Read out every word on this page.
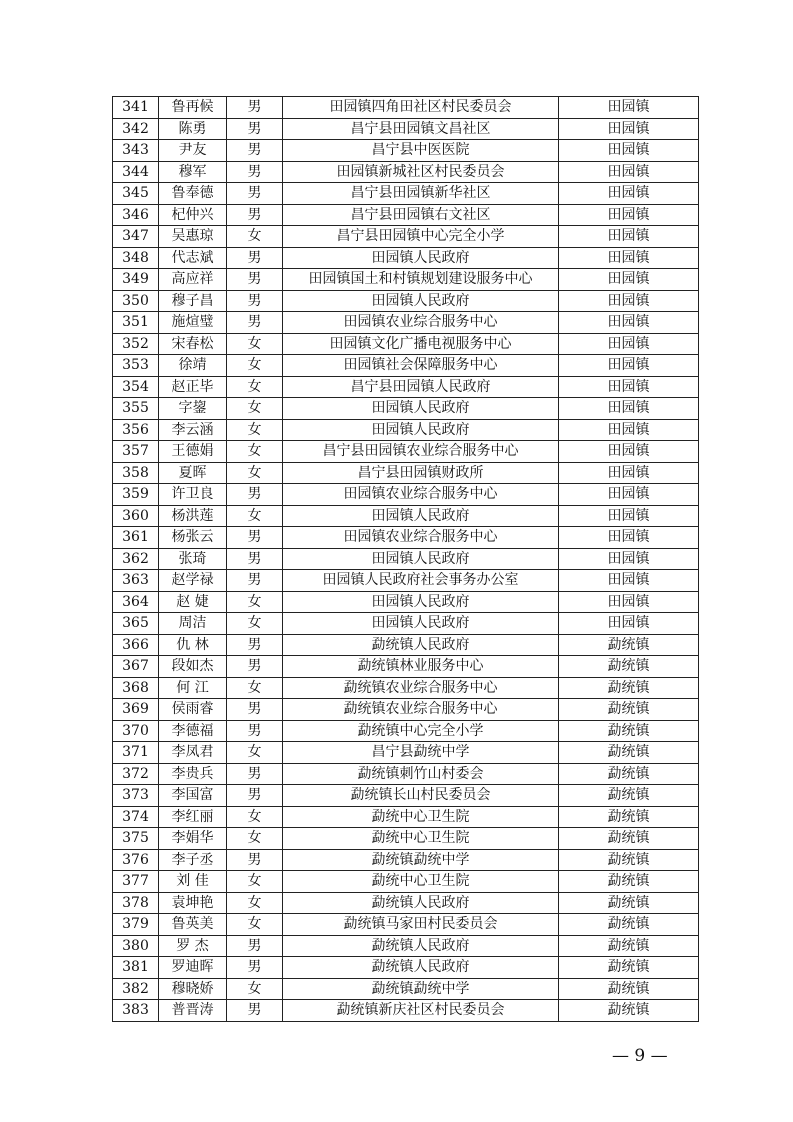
341	鲁再候	男	田园镇四角田社区村民委员会	田园镇
342	陈勇	男	昌宁县田园镇文昌社区	田园镇
343	尹友	男	昌宁县中医医院	田园镇
344	穆军	男	田园镇新城社区村民委员会	田园镇
345	鲁奉德	男	昌宁县田园镇新华社区	田园镇
346	杞仲兴	男	昌宁县田园镇右文社区	田园镇
347	吴惠琼	女	昌宁县田园镇中心完全小学	田园镇
348	代志斌	男	田园镇人民政府	田园镇
349	高应祥	男	田园镇国土和村镇规划建设服务中心	田园镇
350	穆子昌	男	田园镇人民政府	田园镇
351	施煊璧	男	田园镇农业综合服务中心	田园镇
352	宋春松	女	田园镇文化广播电视服务中心	田园镇
353	徐靖	女	田园镇社会保障服务中心	田园镇
354	赵正毕	女	昌宁县田园镇人民政府	田园镇
355	字鋆	女	田园镇人民政府	田园镇
356	李云涵	女	田园镇人民政府	田园镇
357	王德娟	女	昌宁县田园镇农业综合服务中心	田园镇
358	夏晖	女	昌宁县田园镇财政所	田园镇
359	许卫良	男	田园镇农业综合服务中心	田园镇
360	杨洪莲	女	田园镇人民政府	田园镇
361	杨张云	男	田园镇农业综合服务中心	田园镇
362	张琦	男	田园镇人民政府	田园镇
363	赵学禄	男	田园镇人民政府社会事务办公室	田园镇
364	赵 婕	女	田园镇人民政府	田园镇
365	周洁	女	田园镇人民政府	田园镇
366	仇 林	男	勐统镇人民政府	勐统镇
367	段如杰	男	勐统镇林业服务中心	勐统镇
368	何 江	女	勐统镇农业综合服务中心	勐统镇
369	侯雨睿	男	勐统镇农业综合服务中心	勐统镇
370	李德福	男	勐统镇中心完全小学	勐统镇
371	李凤君	女	昌宁县勐统中学	勐统镇
372	李贵兵	男	勐统镇刺竹山村委会	勐统镇
373	李国富	男	勐统镇长山村民委员会	勐统镇
374	李红丽	女	勐统中心卫生院	勐统镇
375	李娟华	女	勐统中心卫生院	勐统镇
376	李子丞	男	勐统镇勐统中学	勐统镇
377	刘 佳	女	勐统中心卫生院	勐统镇
378	袁坤艳	女	勐统镇人民政府	勐统镇
379	鲁英美	女	勐统镇马家田村民委员会	勐统镇
380	罗 杰	男	勐统镇人民政府	勐统镇
381	罗迪晖	男	勐统镇人民政府	勐统镇
382	穆晓娇	女	勐统镇勐统中学	勐统镇
383	普晋涛	男	勐统镇新庆社区村民委员会	勐统镇
— 9 —
